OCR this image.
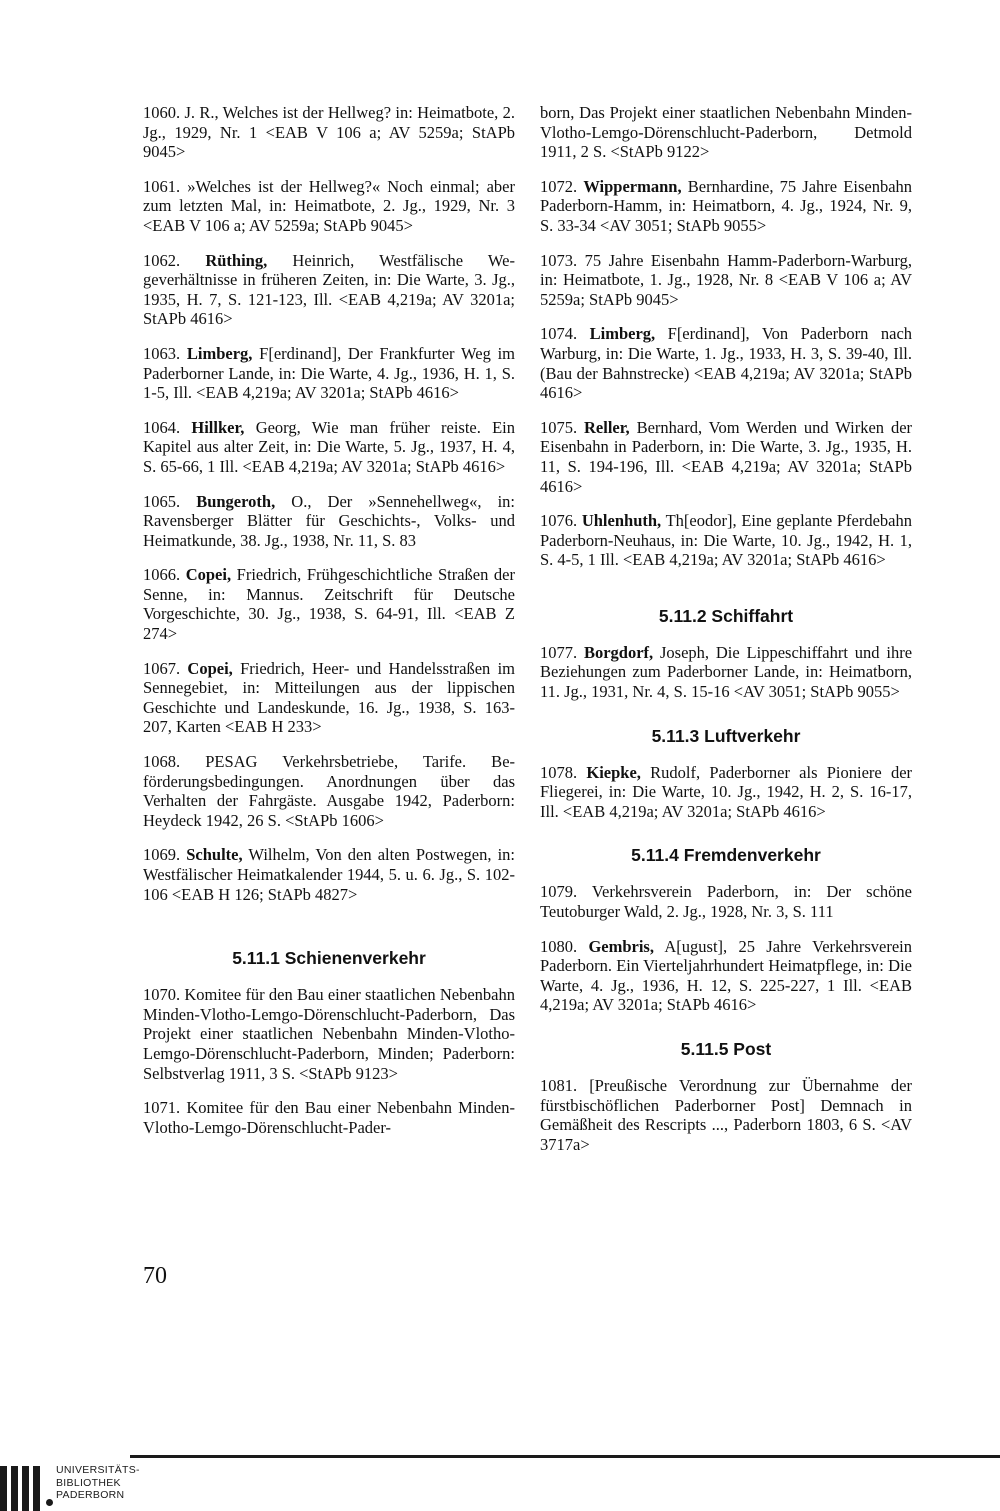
1060. J. R., Welches ist der Hellweg? in: Heimatbote, 2. Jg., 1929, Nr. 1 <EAB V 106 a; AV 5259a; StAPb 9045>

1061. »Welches ist der Hellweg?« Noch einmal; aber zum letzten Mal, in: Heimatbote, 2. Jg., 1929, Nr. 3 <EAB V 106 a; AV 5259a; StAPb 9045>

1062. Rüthing, Heinrich, Westfälische Wegeverhältnisse in früheren Zeiten, in: Die Warte, 3. Jg., 1935, H. 7, S. 121-123, Ill. <EAB 4,219a; AV 3201a; StAPb 4616>

1063. Limberg, F[erdinand], Der Frankfurter Weg im Paderborner Lande, in: Die Warte, 4. Jg., 1936, H. 1, S. 1-5, Ill. <EAB 4,219a; AV 3201a; StAPb 4616>

1064. Hillker, Georg, Wie man früher reiste. Ein Kapitel aus alter Zeit, in: Die Warte, 5. Jg., 1937, H. 4, S. 65-66, 1 Ill. <EAB 4,219a; AV 3201a; StAPb 4616>

1065. Bungeroth, O., Der »Sennehellweg«, in: Ravensberger Blätter für Geschichts-, Volks- und Heimatkunde, 38. Jg., 1938, Nr. 11, S. 83

1066. Copei, Friedrich, Frühgeschichtliche Straßen der Senne, in: Mannus. Zeitschrift für Deutsche Vorgeschichte, 30. Jg., 1938, S. 64-91, Ill. <EAB Z 274>

1067. Copei, Friedrich, Heer- und Handelsstraßen im Sennegebiet, in: Mitteilungen aus der lippischen Geschichte und Landeskunde, 16. Jg., 1938, S. 163-207, Karten <EAB H 233>

1068. PESAG Verkehrsbetriebe, Tarife. Beförderungsbedingungen. Anordnungen über das Verhalten der Fahrgäste. Ausgabe 1942, Paderborn: Heydeck 1942, 26 S. <StAPb 1606>

1069. Schulte, Wilhelm, Von den alten Postwegen, in: Westfälischer Heimatkalender 1944, 5. u. 6. Jg., S. 102-106 <EAB H 126; StAPb 4827>

5.11.1 Schienenverkehr

1070. Komitee für den Bau einer staatlichen Nebenbahn Minden-Vlotho-Lemgo-Dörenschlucht-Paderborn, Das Projekt einer staatlichen Nebenbahn Minden-Vlotho-Lemgo-Dörenschlucht-Paderborn, Minden; Paderborn: Selbstverlag 1911, 3 S. <StAPb 9123>

1071. Komitee für den Bau einer Nebenbahn Minden-Vlotho-Lemgo-Dörenschlucht-Pader-

born, Das Projekt einer staatlichen Nebenbahn Minden-Vlotho-Lemgo-Dörenschlucht-Paderborn, Detmold 1911, 2 S. <StAPb 9122>

1072. Wippermann, Bernhardine, 75 Jahre Eisenbahn Paderborn-Hamm, in: Heimatborn, 4. Jg., 1924, Nr. 9, S. 33-34 <AV 3051; StAPb 9055>

1073. 75 Jahre Eisenbahn Hamm-Paderborn-Warburg, in: Heimatbote, 1. Jg., 1928, Nr. 8 <EAB V 106 a; AV 5259a; StAPb 9045>

1074. Limberg, F[erdinand], Von Paderborn nach Warburg, in: Die Warte, 1. Jg., 1933, H. 3, S. 39-40, Ill. (Bau der Bahnstrecke) <EAB 4,219a; AV 3201a; StAPb 4616>

1075. Reller, Bernhard, Vom Werden und Wirken der Eisenbahn in Paderborn, in: Die Warte, 3. Jg., 1935, H. 11, S. 194-196, Ill. <EAB 4,219a; AV 3201a; StAPb 4616>

1076. Uhlenhuth, Th[eodor], Eine geplante Pferdebahn Paderborn-Neuhaus, in: Die Warte, 10. Jg., 1942, H. 1, S. 4-5, 1 Ill. <EAB 4,219a; AV 3201a; StAPb 4616>

5.11.2 Schiffahrt

1077. Borgdorf, Joseph, Die Lippeschiffahrt und ihre Beziehungen zum Paderborner Lande, in: Heimatborn, 11. Jg., 1931, Nr. 4, S. 15-16 <AV 3051; StAPb 9055>

5.11.3 Luftverkehr

1078. Kiepke, Rudolf, Paderborner als Pioniere der Fliegerei, in: Die Warte, 10. Jg., 1942, H. 2, S. 16-17, Ill. <EAB 4,219a; AV 3201a; StAPb 4616>

5.11.4 Fremdenverkehr

1079. Verkehrsverein Paderborn, in: Der schöne Teutoburger Wald, 2. Jg., 1928, Nr. 3, S. 111

1080. Gembris, A[ugust], 25 Jahre Verkehrsverein Paderborn. Ein Vierteljahrhundert Heimatpflege, in: Die Warte, 4. Jg., 1936, H. 12, S. 225-227, 1 Ill. <EAB 4,219a; AV 3201a; StAPb 4616>

5.11.5 Post

1081. [Preußische Verordnung zur Übernahme der fürstbischöflichen Paderborner Post] Demnach in Gemäßheit des Rescripts ..., Paderborn 1803, 6 S. <AV 3717a>

70
UNIVERSITÄTS-
BIBLIOTHEK
PADERBORN
